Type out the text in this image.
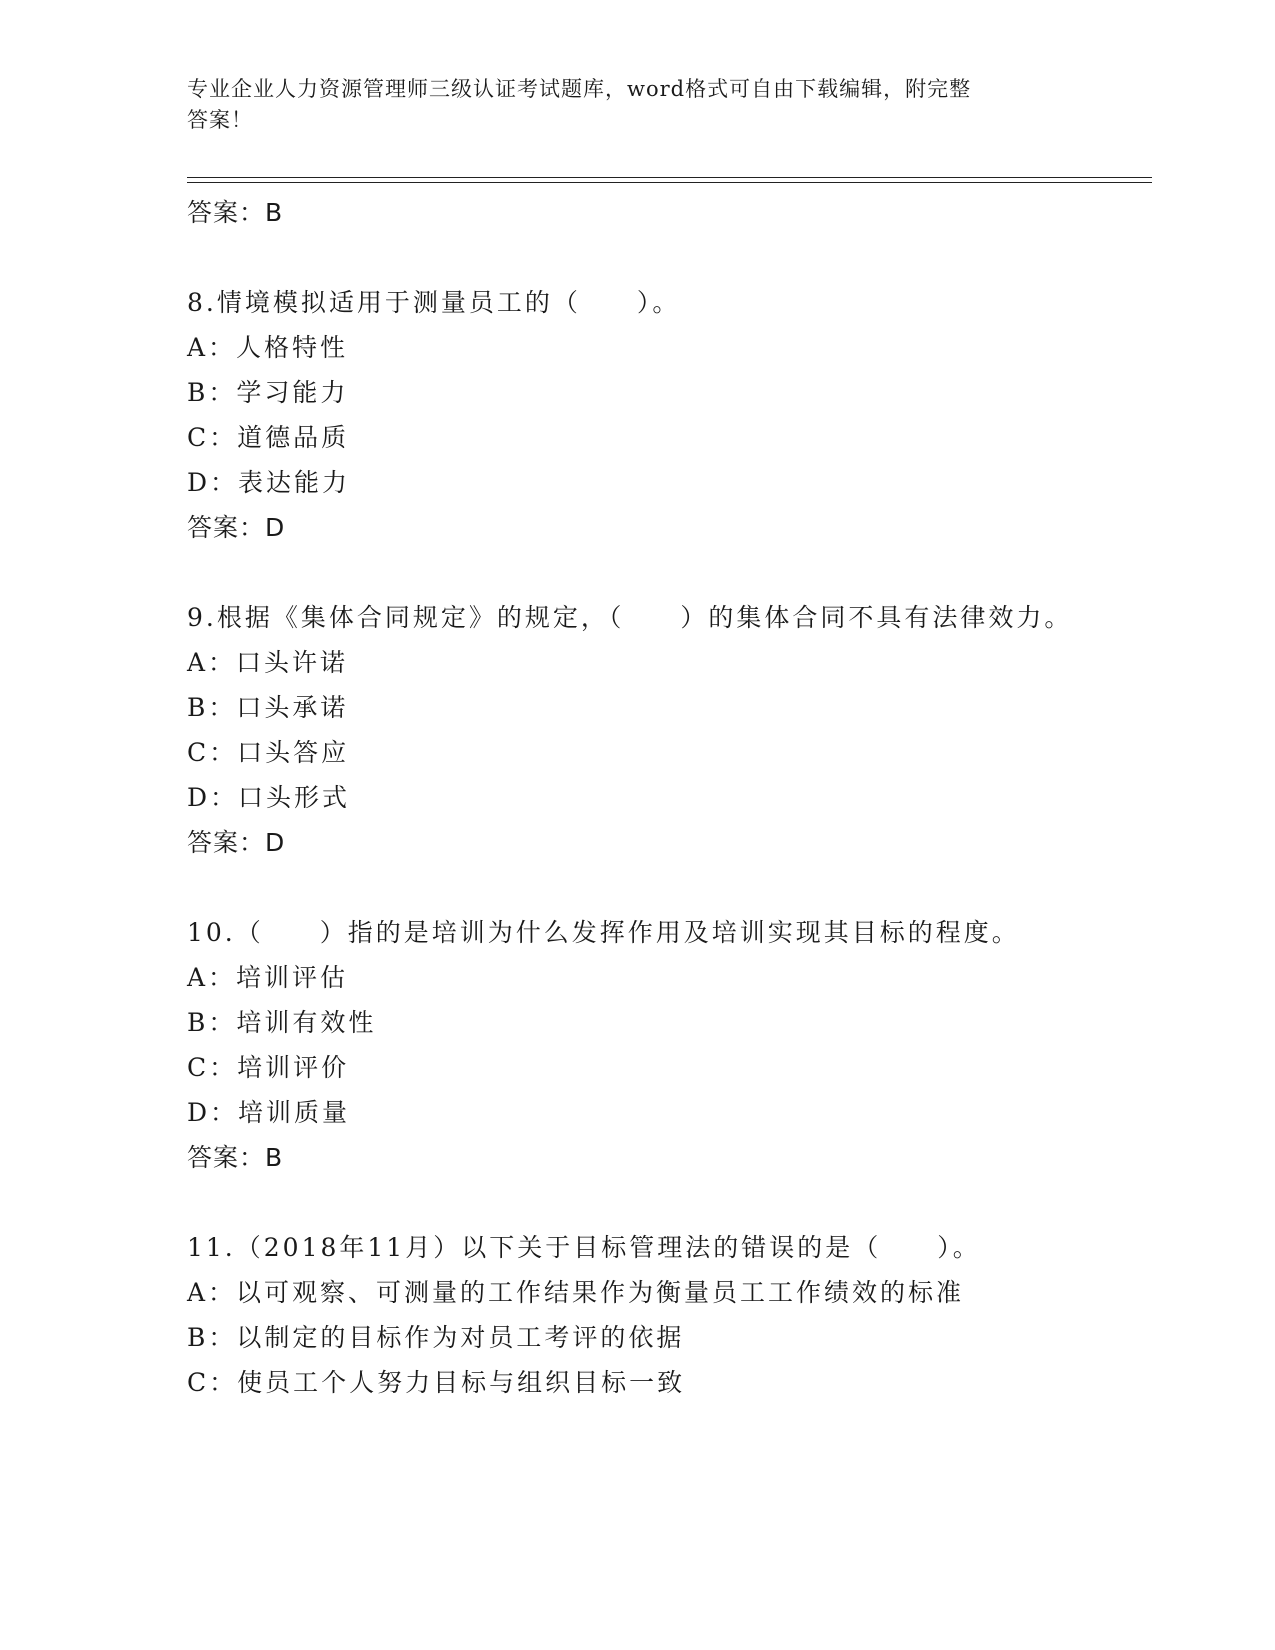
专业企业人力资源管理师三级认证考试题库，word格式可自由下载编辑，附完整
答案！
答案：B
8.情境模拟适用于测量员工的（　　）。
A：人格特性
B：学习能力
C：道德品质
D：表达能力
答案：D
9.根据《集体合同规定》的规定，（　　）的集体合同不具有法律效力。
A：口头许诺
B：口头承诺
C：口头答应
D：口头形式
答案：D
10.（　　）指的是培训为什么发挥作用及培训实现其目标的程度。
A：培训评估
B：培训有效性
C：培训评价
D：培训质量
答案：B
11.（2018年11月）以下关于目标管理法的错误的是（　　）。
A：以可观察、可测量的工作结果作为衡量员工工作绩效的标准
B：以制定的目标作为对员工考评的依据
C：使员工个人努力目标与组织目标一致
